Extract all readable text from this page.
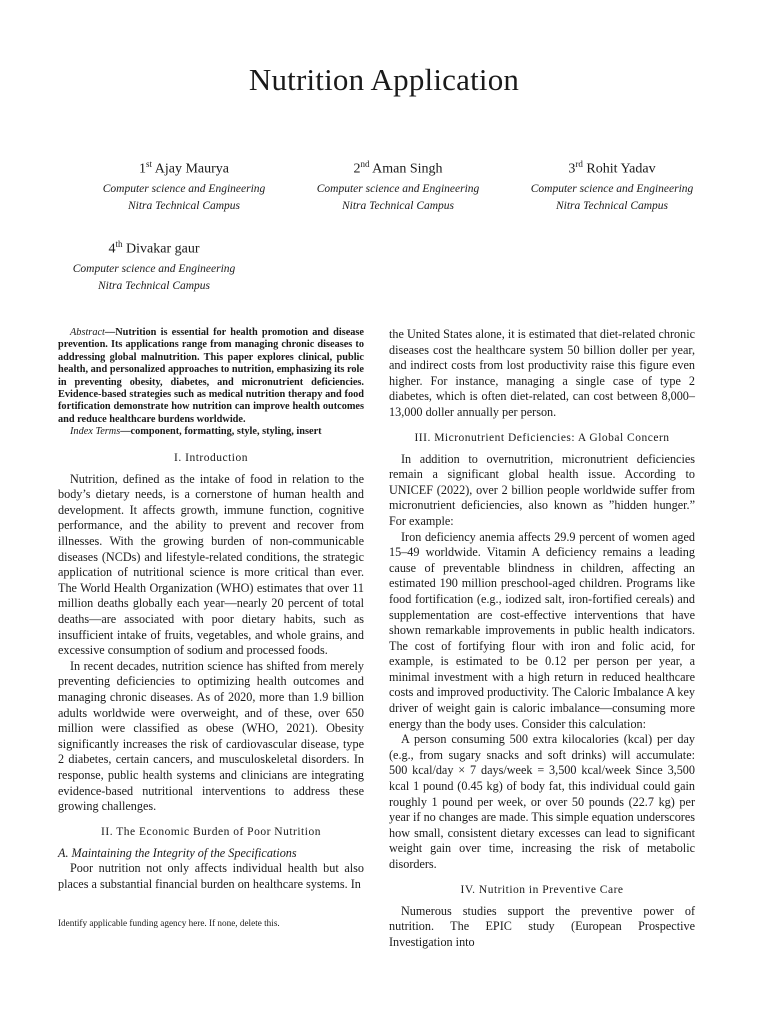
Nutrition Application
1st Ajay Maurya
Computer science and Engineering
Nitra Technical Campus
2nd Aman Singh
Computer science and Engineering
Nitra Technical Campus
3rd Rohit Yadav
Computer science and Engineering
Nitra Technical Campus
4th Divakar gaur
Computer science and Engineering
Nitra Technical Campus
Abstract—Nutrition is essential for health promotion and disease prevention. Its applications range from managing chronic diseases to addressing global malnutrition. This paper explores clinical, public health, and personalized approaches to nutrition, emphasizing its role in preventing obesity, diabetes, and micronutrient deficiencies. Evidence-based strategies such as medical nutrition therapy and food fortification demonstrate how nutrition can improve health outcomes and reduce healthcare burdens worldwide.
Index Terms—component, formatting, style, styling, insert
I. Introduction

Nutrition, defined as the intake of food in relation to the body’s dietary needs, is a cornerstone of human health and development. It affects growth, immune function, cognitive performance, and the ability to prevent and recover from illnesses. With the growing burden of non-communicable diseases (NCDs) and lifestyle-related conditions, the strategic application of nutritional science is more critical than ever. The World Health Organization (WHO) estimates that over 11 million deaths globally each year—nearly 20 percent of total deaths—are associated with poor dietary habits, such as insufficient intake of fruits, vegetables, and whole grains, and excessive consumption of sodium and processed foods.

In recent decades, nutrition science has shifted from merely preventing deficiencies to optimizing health outcomes and managing chronic diseases. As of 2020, more than 1.9 billion adults worldwide were overweight, and of these, over 650 million were classified as obese (WHO, 2021). Obesity significantly increases the risk of cardiovascular disease, type 2 diabetes, certain cancers, and musculoskeletal disorders. In response, public health systems and clinicians are integrating evidence-based nutritional interventions to address these growing challenges.

II. The Economic Burden of Poor Nutrition

A. Maintaining the Integrity of the Specifications

Poor nutrition not only affects individual health but also places a substantial financial burden on healthcare systems. In

Identify applicable funding agency here. If none, delete this.

the United States alone, it is estimated that diet-related chronic diseases cost the healthcare system 50 billion doller per year, and indirect costs from lost productivity raise this figure even higher. For instance, managing a single case of type 2 diabetes, which is often diet-related, can cost between 8,000–13,000 doller annually per person.

III. Micronutrient Deficiencies: A Global Concern

In addition to overnutrition, micronutrient deficiencies remain a significant global health issue. According to UNICEF (2022), over 2 billion people worldwide suffer from micronutrient deficiencies, also known as ”hidden hunger.” For example:

Iron deficiency anemia affects 29.9 percent of women aged 15–49 worldwide. Vitamin A deficiency remains a leading cause of preventable blindness in children, affecting an estimated 190 million preschool-aged children. Programs like food fortification (e.g., iodized salt, iron-fortified cereals) and supplementation are cost-effective interventions that have shown remarkable improvements in public health indicators. The cost of fortifying flour with iron and folic acid, for example, is estimated to be 0.12 per person per year, a minimal investment with a high return in reduced healthcare costs and improved productivity. The Caloric Imbalance A key driver of weight gain is caloric imbalance—consuming more energy than the body uses. Consider this calculation:

A person consuming 500 extra kilocalories (kcal) per day (e.g., from sugary snacks and soft drinks) will accumulate: 500 kcal/day × 7 days/week = 3,500 kcal/week Since 3,500 kcal 1 pound (0.45 kg) of body fat, this individual could gain roughly 1 pound per week, or over 50 pounds (22.7 kg) per year if no changes are made. This simple equation underscores how small, consistent dietary excesses can lead to significant weight gain over time, increasing the risk of metabolic disorders.

IV. Nutrition in Preventive Care

Numerous studies support the preventive power of nutrition. The EPIC study (European Prospective Investigation into
